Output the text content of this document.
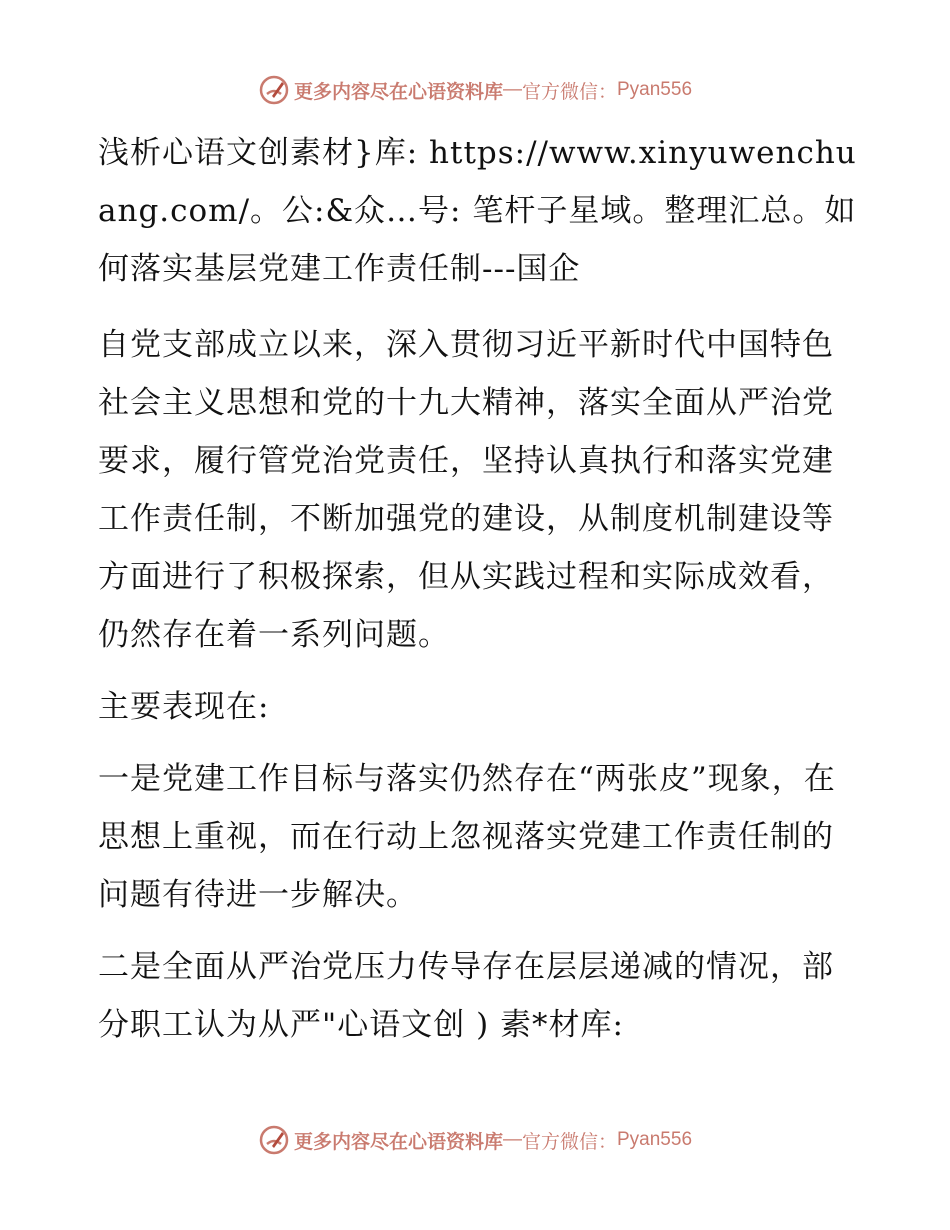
更多内容尽在心语资料库 — 官方微信： Pyan556

浅析心语文创素材}库: https://www.xinyuwenchuang.com/。公:&众…号: 笔杆子星域。整理汇总。如何落实基层党建工作责任制---国企

自党支部成立以来，深入贯彻习近平新时代中国特色社会主义思想和党的十九大精神，落实全面从严治党要求，履行管党治党责任，坚持认真执行和落实党建工作责任制，不断加强党的建设，从制度机制建设等方面进行了积极探索，但从实践过程和实际成效看，仍然存在着一系列问题。

主要表现在:

一是党建工作目标与落实仍然存在“两张皮”现象，在思想上重视，而在行动上忽视落实党建工作责任制的问题有待进一步解决。

二是全面从严治党压力传导存在层层递减的情况，部分职工认为从严"心语文创 ) 素*材库:

更多内容尽在心语资料库 — 官方微信： Pyan556
